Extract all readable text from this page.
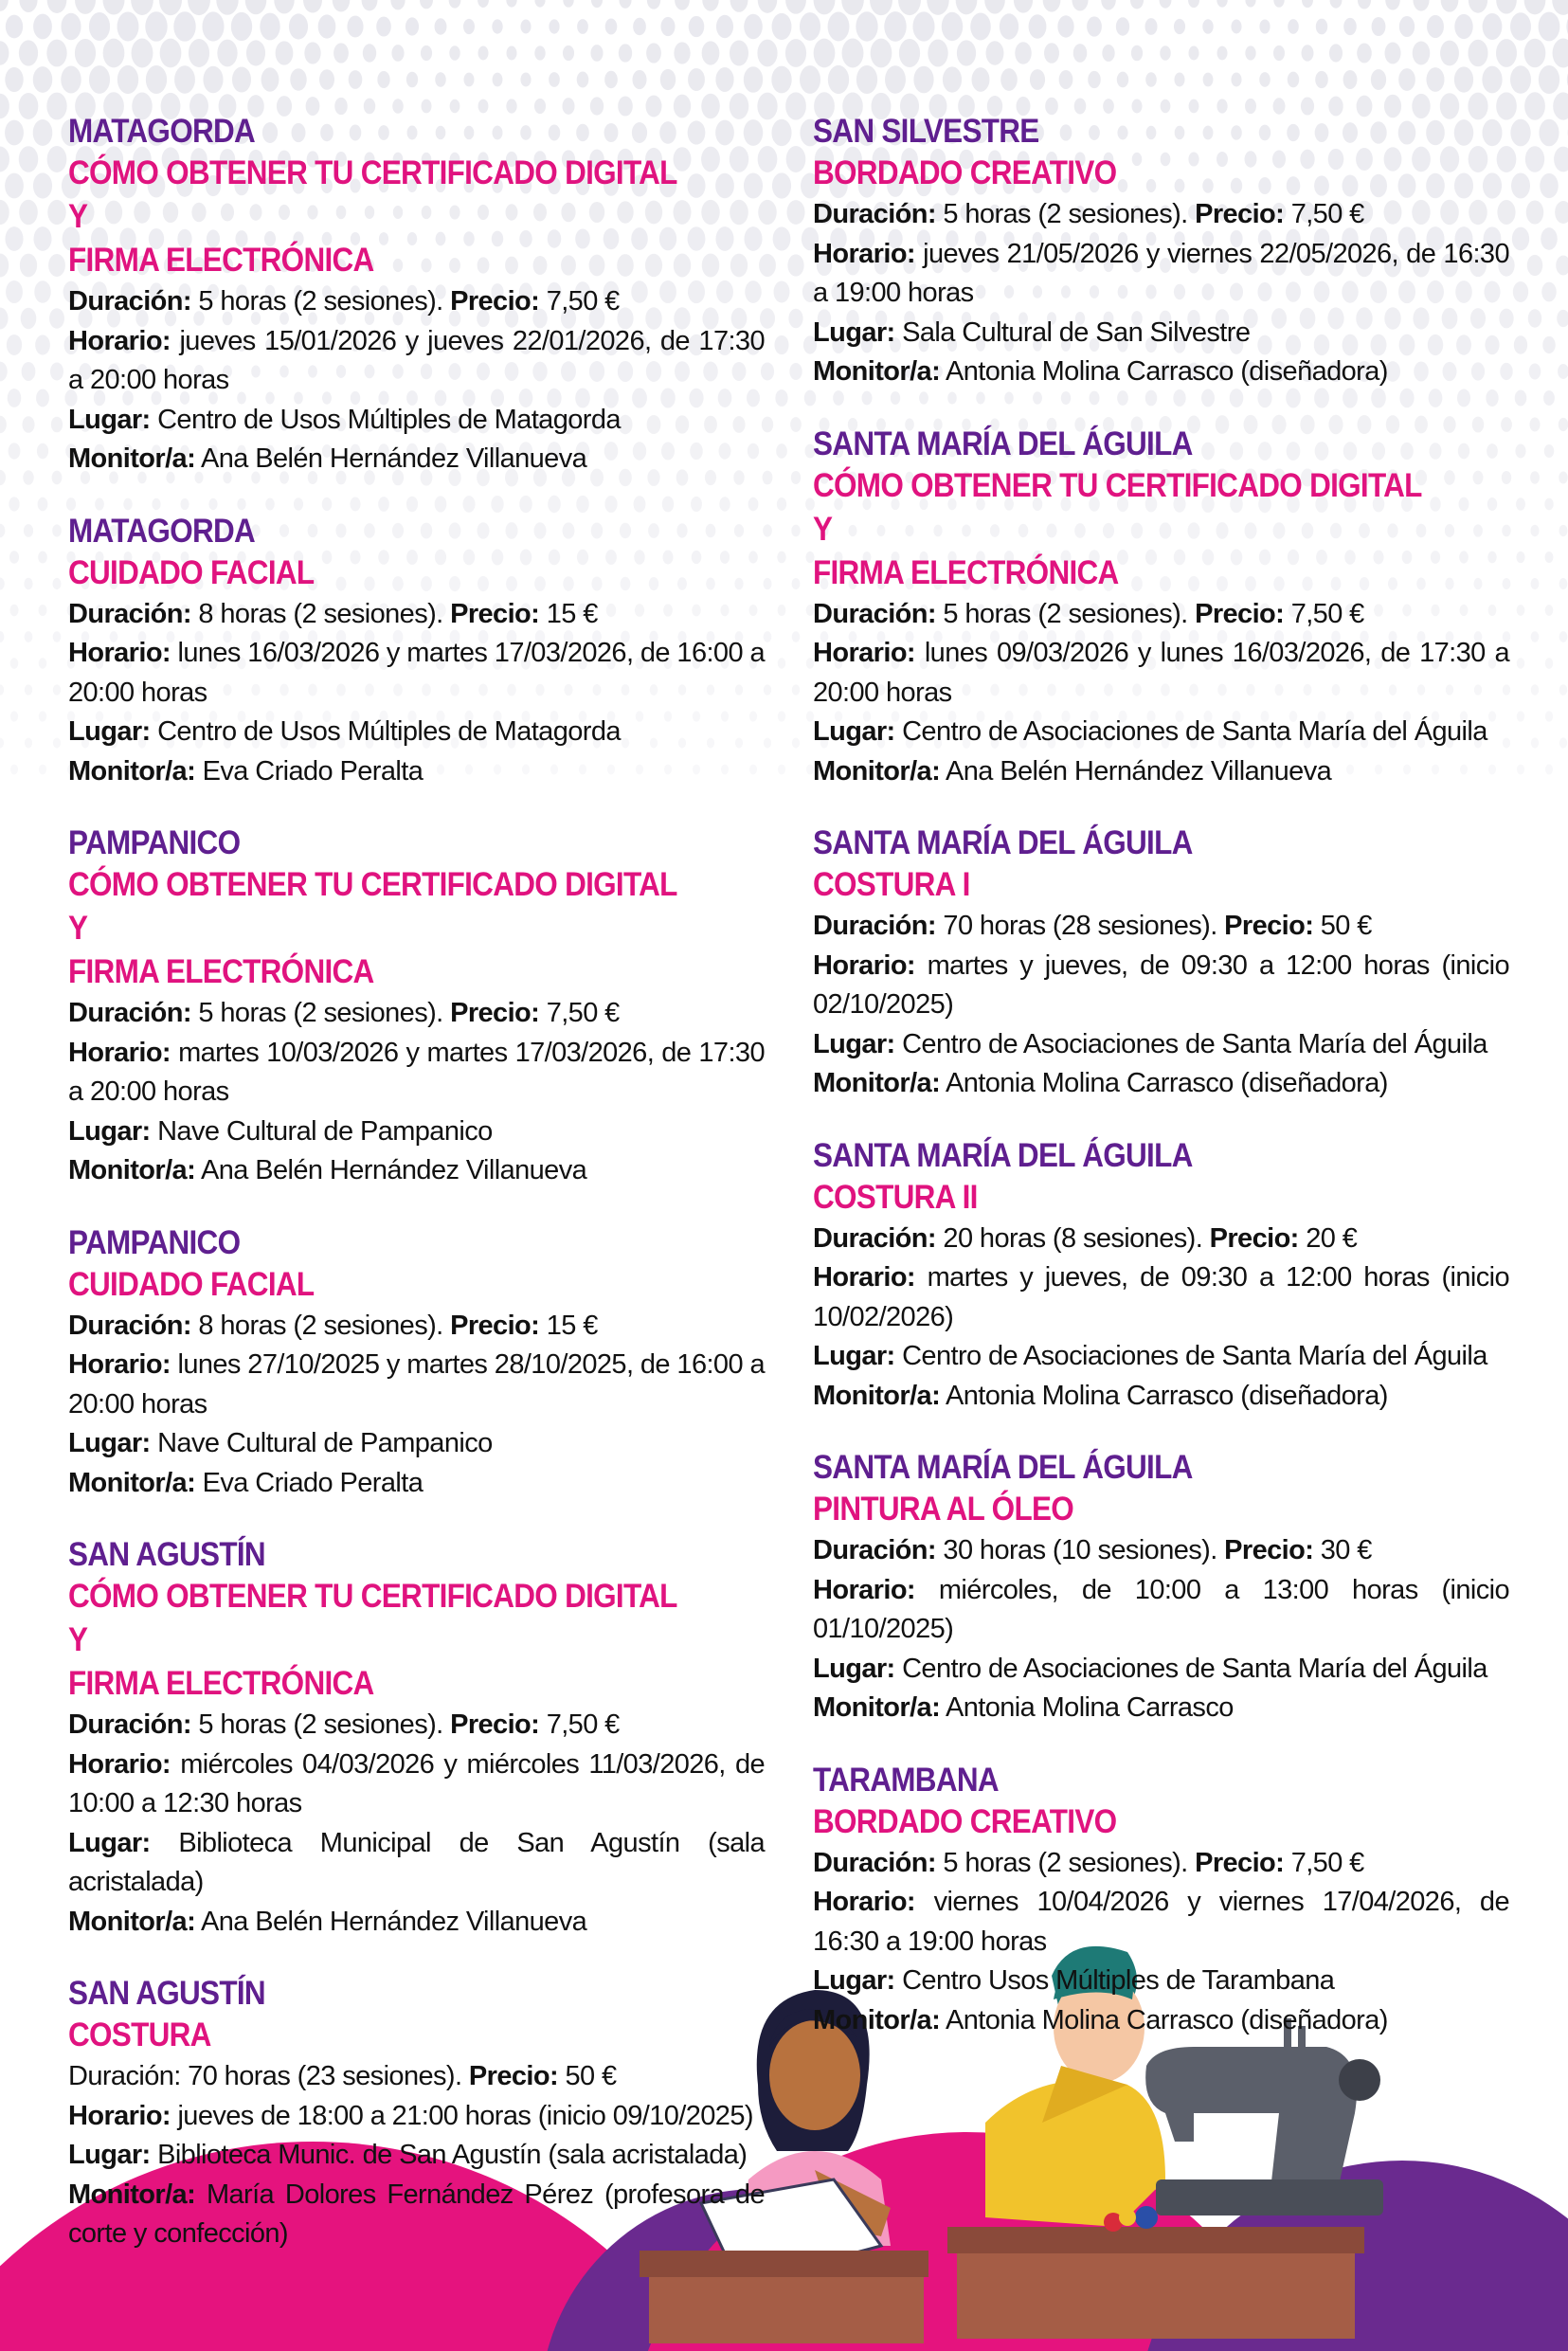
MATAGORDA
CÓMO OBTENER TU CERTIFICADO DIGITAL Y
FIRMA ELECTRÓNICA
Duración: 5 horas (2 sesiones). Precio: 7,50 €
Horario: jueves 15/01/2026 y jueves 22/01/2026, de 17:30 a 20:00 horas
Lugar: Centro de Usos Múltiples de Matagorda
Monitor/a: Ana Belén Hernández Villanueva
MATAGORDA
CUIDADO FACIAL
Duración: 8 horas (2 sesiones). Precio: 15 €
Horario: lunes 16/03/2026 y martes 17/03/2026, de 16:00 a 20:00 horas
Lugar: Centro de Usos Múltiples de Matagorda
Monitor/a: Eva Criado Peralta
PAMPANICO
CÓMO OBTENER TU CERTIFICADO DIGITAL Y
FIRMA ELECTRÓNICA
Duración: 5 horas (2 sesiones). Precio: 7,50 €
Horario: martes 10/03/2026 y martes 17/03/2026, de 17:30 a 20:00 horas
Lugar: Nave Cultural de Pampanico
Monitor/a: Ana Belén Hernández Villanueva
PAMPANICO
CUIDADO FACIAL
Duración: 8 horas (2 sesiones). Precio: 15 €
Horario: lunes 27/10/2025 y martes 28/10/2025, de 16:00 a 20:00 horas
Lugar: Nave Cultural de Pampanico
Monitor/a: Eva Criado Peralta
SAN AGUSTÍN
CÓMO OBTENER TU CERTIFICADO DIGITAL Y
FIRMA ELECTRÓNICA
Duración: 5 horas (2 sesiones). Precio: 7,50 €
Horario: miércoles 04/03/2026 y miércoles 11/03/2026, de 10:00 a 12:30 horas
Lugar: Biblioteca Municipal de San Agustín (sala acristalada)
Monitor/a: Ana Belén Hernández Villanueva
SAN AGUSTÍN
COSTURA
Duración: 70 horas (23 sesiones). Precio: 50 €
Horario: jueves de 18:00 a 21:00 horas (inicio 09/10/2025)
Lugar: Biblioteca Munic. de San Agustín (sala acristalada)
Monitor/a: María Dolores Fernández Pérez (profesora de corte y confección)
SAN SILVESTRE
BORDADO CREATIVO
Duración: 5 horas (2 sesiones). Precio: 7,50 €
Horario: jueves 21/05/2026 y viernes 22/05/2026, de 16:30 a 19:00 horas
Lugar: Sala Cultural de San Silvestre
Monitor/a: Antonia Molina Carrasco (diseñadora)
SANTA MARÍA DEL ÁGUILA
CÓMO OBTENER TU CERTIFICADO DIGITAL Y
FIRMA ELECTRÓNICA
Duración: 5 horas (2 sesiones). Precio: 7,50 €
Horario: lunes 09/03/2026 y lunes 16/03/2026, de 17:30 a 20:00 horas
Lugar: Centro de Asociaciones de Santa María del Águila
Monitor/a: Ana Belén Hernández Villanueva
SANTA MARÍA DEL ÁGUILA
COSTURA I
Duración: 70 horas (28 sesiones). Precio: 50 €
Horario: martes y jueves, de 09:30 a 12:00 horas (inicio 02/10/2025)
Lugar: Centro de Asociaciones de Santa María del Águila
Monitor/a: Antonia Molina Carrasco (diseñadora)
SANTA MARÍA DEL ÁGUILA
COSTURA II
Duración: 20 horas (8 sesiones). Precio: 20 €
Horario: martes y jueves, de 09:30 a 12:00 horas (inicio 10/02/2026)
Lugar: Centro de Asociaciones de Santa María del Águila
Monitor/a: Antonia Molina Carrasco (diseñadora)
SANTA MARÍA DEL ÁGUILA
PINTURA AL ÓLEO
Duración: 30 horas (10 sesiones). Precio: 30 €
Horario: miércoles, de 10:00 a 13:00 horas (inicio 01/10/2025)
Lugar: Centro de Asociaciones de Santa María del Águila
Monitor/a: Antonia Molina Carrasco
TARAMBANA
BORDADO CREATIVO
Duración: 5 horas (2 sesiones). Precio: 7,50 €
Horario: viernes 10/04/2026 y viernes 17/04/2026, de 16:30 a 19:00 horas
Lugar: Centro Usos Múltiples de Tarambana
Monitor/a: Antonia Molina Carrasco (diseñadora)
